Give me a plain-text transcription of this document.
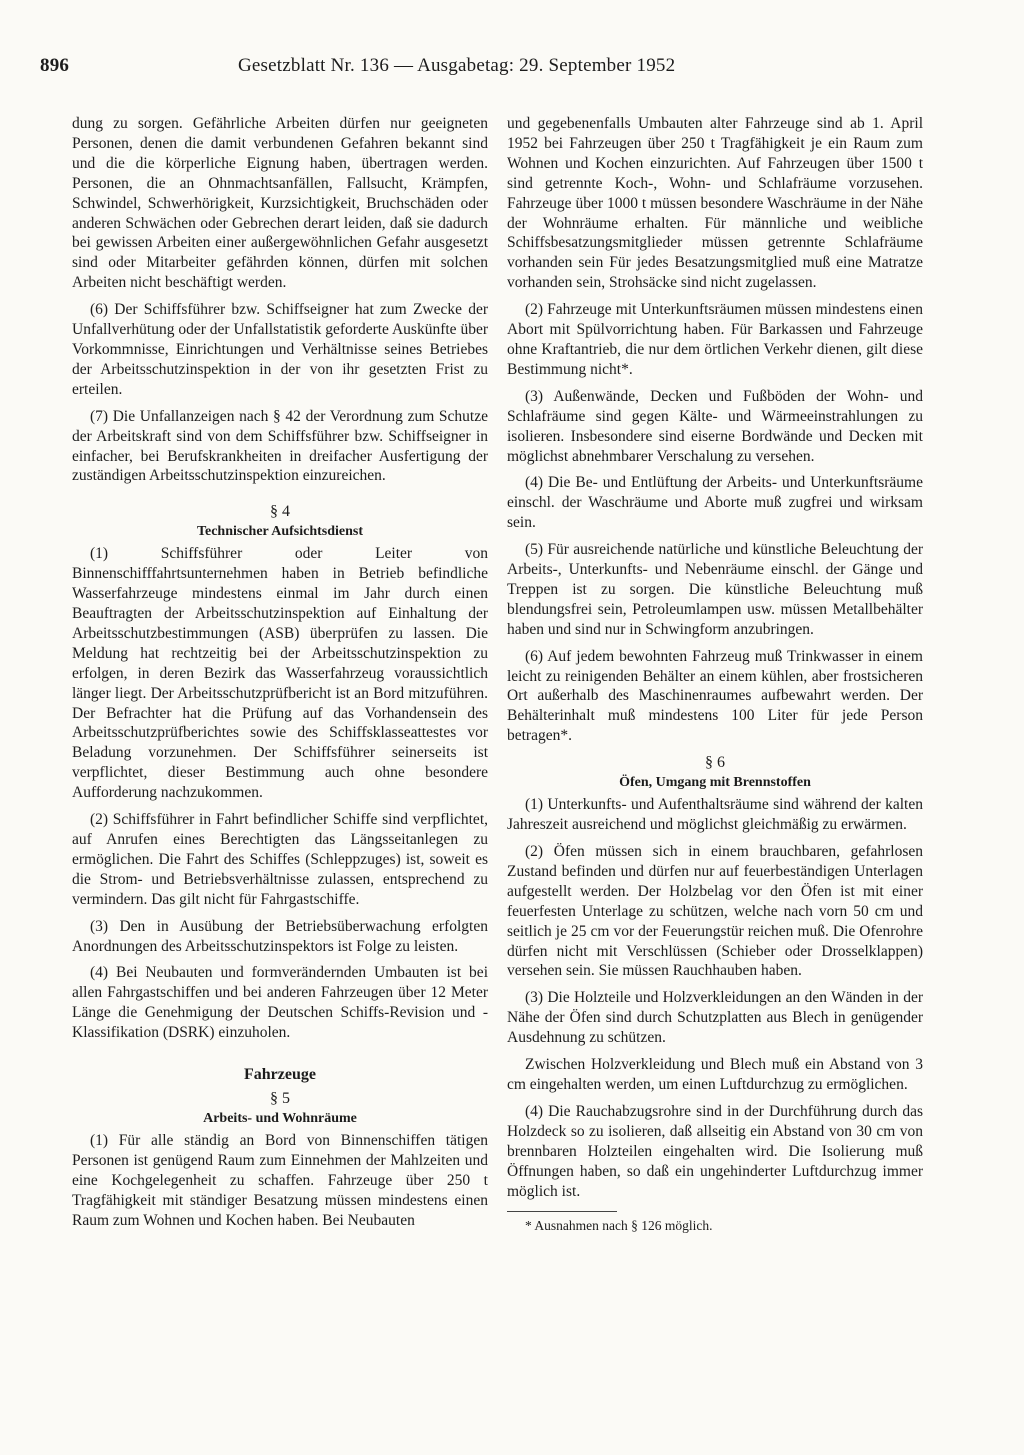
896	Gesetzblatt Nr. 136 — Ausgabetag: 29. September 1952

dung zu sorgen. Gefährliche Arbeiten dürfen nur geeigneten Personen, denen die damit verbundenen Gefahren bekannt sind und die die körperliche Eignung haben, übertragen werden. Personen, die an Ohnmachtsanfällen, Fallsucht, Krämpfen, Schwindel, Schwerhörigkeit, Kurzsichtigkeit, Bruchschäden oder anderen Schwächen oder Gebrechen derart leiden, daß sie dadurch bei gewissen Arbeiten einer außergewöhnlichen Gefahr ausgesetzt sind oder Mitarbeiter gefährden können, dürfen mit solchen Arbeiten nicht beschäftigt werden.

(6) Der Schiffsführer bzw. Schiffseigner hat zum Zwecke der Unfallverhütung oder der Unfallstatistik geforderte Auskünfte über Vorkommnisse, Einrichtungen und Verhältnisse seines Betriebes der Arbeitsschutzinspektion in der von ihr gesetzten Frist zu erteilen.

(7) Die Unfallanzeigen nach § 42 der Verordnung zum Schutze der Arbeitskraft sind von dem Schiffsführer bzw. Schiffseigner in einfacher, bei Berufskrankheiten in dreifacher Ausfertigung der zuständigen Arbeitsschutzinspektion einzureichen.

§ 4
Technischer Aufsichtsdienst

(1) Schiffsführer oder Leiter von Binnenschifffahrtsunternehmen haben in Betrieb befindliche Wasserfahrzeuge mindestens einmal im Jahr durch einen Beauftragten der Arbeitsschutzinspektion auf Einhaltung der Arbeitsschutzbestimmungen (ASB) überprüfen zu lassen. Die Meldung hat rechtzeitig bei der Arbeitsschutzinspektion zu erfolgen, in deren Bezirk das Wasserfahrzeug voraussichtlich länger liegt. Der Arbeitsschutzprüfbericht ist an Bord mitzuführen. Der Befrachter hat die Prüfung auf das Vorhandensein des Arbeitsschutzprüfberichtes sowie des Schiffsklasseattestes vor Beladung vorzunehmen. Der Schiffsführer seinerseits ist verpflichtet, dieser Bestimmung auch ohne besondere Aufforderung nachzukommen.

(2) Schiffsführer in Fahrt befindlicher Schiffe sind verpflichtet, auf Anrufen eines Berechtigten das Längsseitanlegen zu ermöglichen. Die Fahrt des Schiffes (Schleppzuges) ist, soweit es die Strom- und Betriebsverhältnisse zulassen, entsprechend zu vermindern. Das gilt nicht für Fahrgastschiffe.

(3) Den in Ausübung der Betriebsüberwachung erfolgten Anordnungen des Arbeitsschutzinspektors ist Folge zu leisten.

(4) Bei Neubauten und formverändernden Umbauten ist bei allen Fahrgastschiffen und bei anderen Fahrzeugen über 12 Meter Länge die Genehmigung der Deutschen Schiffs-Revision und -Klassifikation (DSRK) einzuholen.

Fahrzeuge
§ 5
Arbeits- und Wohnräume

(1) Für alle ständig an Bord von Binnenschiffen tätigen Personen ist genügend Raum zum Einnehmen der Mahlzeiten und eine Kochgelegenheit zu schaffen. Fahrzeuge über 250 t Tragfähigkeit mit ständiger Besatzung müssen mindestens einen Raum zum Wohnen und Kochen haben. Bei Neubauten

und gegebenenfalls Umbauten alter Fahrzeuge sind ab 1. April 1952 bei Fahrzeugen über 250 t Tragfähigkeit je ein Raum zum Wohnen und Kochen einzurichten. Auf Fahrzeugen über 1500 t sind getrennte Koch-, Wohn- und Schlafräume vorzusehen. Fahrzeuge über 1000 t müssen besondere Waschräume in der Nähe der Wohnräume erhalten. Für männliche und weibliche Schiffsbesatzungsmitglieder müssen getrennte Schlafräume vorhanden sein Für jedes Besatzungsmitglied muß eine Matratze vorhanden sein, Strohsäcke sind nicht zugelassen.

(2) Fahrzeuge mit Unterkunftsräumen müssen mindestens einen Abort mit Spülvorrichtung haben. Für Barkassen und Fahrzeuge ohne Kraftantrieb, die nur dem örtlichen Verkehr dienen, gilt diese Bestimmung nicht*.

(3) Außenwände, Decken und Fußböden der Wohn- und Schlafräume sind gegen Kälte- und Wärmeeinstrahlungen zu isolieren. Insbesondere sind eiserne Bordwände und Decken mit möglichst abnehmbarer Verschalung zu versehen.

(4) Die Be- und Entlüftung der Arbeits- und Unterkunftsräume einschl. der Waschräume und Aborte muß zugfrei und wirksam sein.

(5) Für ausreichende natürliche und künstliche Beleuchtung der Arbeits-, Unterkunfts- und Nebenräume einschl. der Gänge und Treppen ist zu sorgen. Die künstliche Beleuchtung muß blendungsfrei sein, Petroleumlampen usw. müssen Metallbehälter haben und sind nur in Schwingform anzubringen.

(6) Auf jedem bewohnten Fahrzeug muß Trinkwasser in einem leicht zu reinigenden Behälter an einem kühlen, aber frostsicheren Ort außerhalb des Maschinenraumes aufbewahrt werden. Der Behälterinhalt muß mindestens 100 Liter für jede Person betragen*.

§ 6
Öfen, Umgang mit Brennstoffen

(1) Unterkunfts- und Aufenthaltsräume sind während der kalten Jahreszeit ausreichend und möglichst gleichmäßig zu erwärmen.

(2) Öfen müssen sich in einem brauchbaren, gefahrlosen Zustand befinden und dürfen nur auf feuerbeständigen Unterlagen aufgestellt werden. Der Holzbelag vor den Öfen ist mit einer feuerfesten Unterlage zu schützen, welche nach vorn 50 cm und seitlich je 25 cm vor der Feuerungstür reichen muß. Die Ofenrohre dürfen nicht mit Verschlüssen (Schieber oder Drosselklappen) versehen sein. Sie müssen Rauchhauben haben.

(3) Die Holzteile und Holzverkleidungen an den Wänden in der Nähe der Öfen sind durch Schutzplatten aus Blech in genügender Ausdehnung zu schützen.

Zwischen Holzverkleidung und Blech muß ein Abstand von 3 cm eingehalten werden, um einen Luftdurchzug zu ermöglichen.

(4) Die Rauchabzugsrohre sind in der Durchführung durch das Holzdeck so zu isolieren, daß allseitig ein Abstand von 30 cm von brennbaren Holzteilen eingehalten wird. Die Isolierung muß Öffnungen haben, so daß ein ungehinderter Luftdurchzug immer möglich ist.

* Ausnahmen nach § 126 möglich.
